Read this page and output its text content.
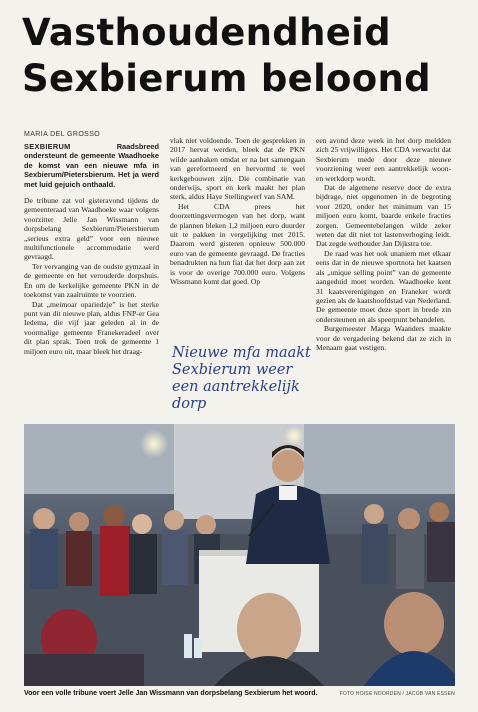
Vasthoudendheid
Sexbierum beloond
MARIA DEL GROSSO

SEXBIERUM	Raadsbreed ondersteunt de gemeente Waadhoeke de komst van een nieuwe mfa in Sexbierum/Pietersbierum. Het ja werd met luid gejuich onthaald.

De tribune zat vol gisteravond tijdens de gemeenteraad van Waadhoeke waar volgens voorzitter Jelle Jan Wissmann van dorpsbelang Sexbierum/Pietersbierum „serieus extra geld” voor een nieuwe multifunctionele accommodatie werd gevraagd.

Ter vervanging van de oudste gymzaal in de gemeente en het verouderde dorpshuis. En om de kerkelijke gemeente PKN in de toekomst van zaalruimte te voorzien.

Dat „meimoar opariedzje” is het sterke punt van dit nieuwe plan, aldus FNP-er Gea Iedema, die vijf jaar geleden al in de voormalige gemeente Franekeradeel over dit plan sprak. Toen trok de gemeente 1 miljoen euro uit, maar bleek het draag-

vlak niet voldoende. Toen de gesprekken in 2017 hervat werden, bleek dat de PKN wilde aanhaken omdat er na het samengaan van gereformeerd en hervormd te veel kerkgebouwen zijn. Die combinatie van onderwijs, sport en kerk maakt het plan sterk, aldus Haye Stellingwerf van SAM.

Het CDA prees het doorzettingsvermogen van het dorp, want de plannen bleken 1,2 miljoen euro duurder uit te pakken in vergelijking met 2015. Daarom werd gisteren opnieuw 500.000 euro van de gemeente gevraagd. De fracties benadrukten na hun fiat dat het dorp aan zet is voor de overige 700.000 euro. Volgens Wissmann komt dat goed. Op

Nieuwe mfa maakt Sexbierum weer een aantrekkelijk dorp

een avond deze week in het dorp meldden zich 25 vrijwilligers. Het CDA verwacht dat Sexbierum mede door deze nieuwe voorziening weer een aantrekkelijk woon- en werkdorp wordt.

Dat de algemene reserve door de extra bijdrage, niet opgenomen in de begroting voor 2020, onder het minimum van 15 miljoen euro komt, baarde enkele fracties zorgen. Gemeentebelangen wilde zeker weten dat dit niet tot lastenverhoging leidt. Dat zegde wethouder Jan Dijkstra toe.

De raad was het ook unaniem met elkaar eens dat in de nieuwe sportnota het kaatsen als „unique selling point” van de gemeente aangeduid moet worden. Waadhoeke kent 31 kaatsverenigingen en Franeker wordt gezien als de kaatshoofdstad van Nederland. De gemeente moet deze sport in brede zin ondersteunen en als speerpunt behandelen.

Burgemeester Marga Waanders maakte voor de vergadering bekend dat ze zich in Menaam gaat vestigen.

Voor een volle tribune voert Jelle Jan Wissmann van dorpsbelang Sexbierum het woord.	FOTO HOISE NOORDEN / JACOB VAN ESSEN
